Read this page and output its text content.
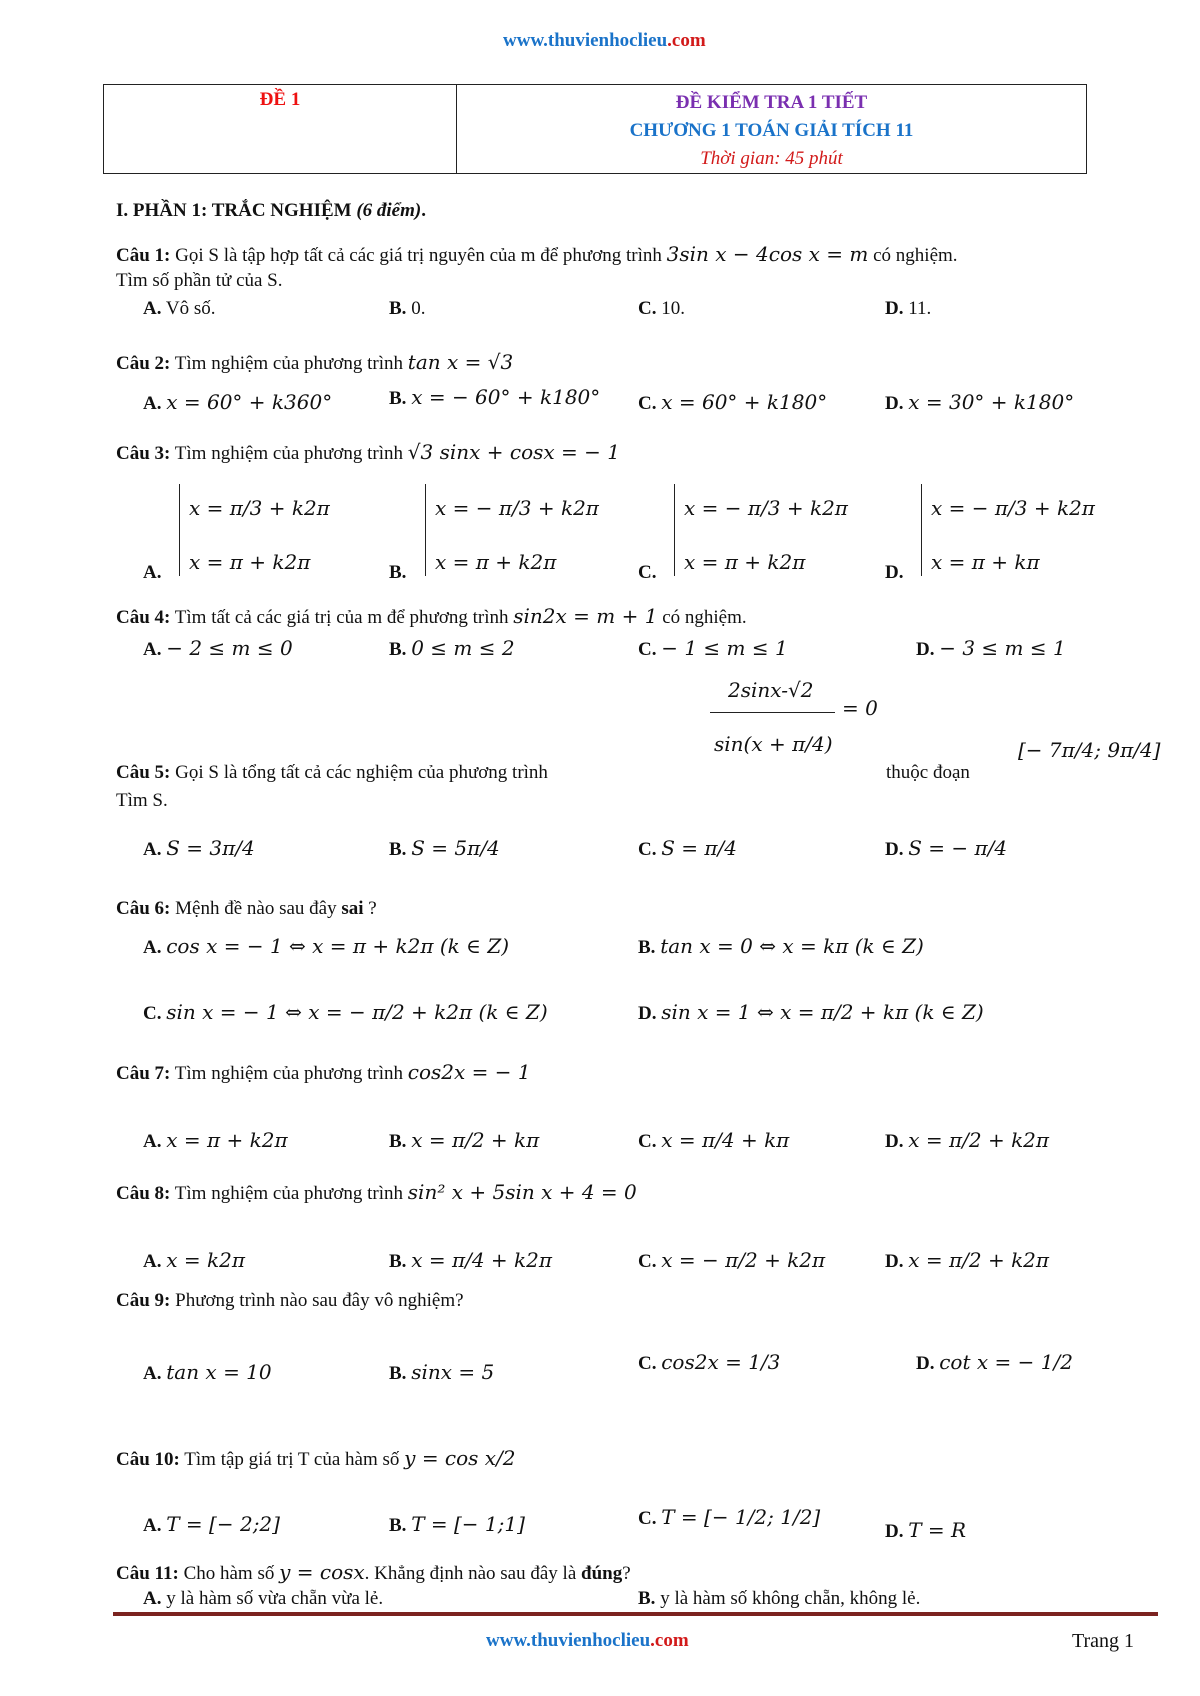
www.thuvienhoclieu.com
ĐỀ 1	ĐỀ KIỂM TRA 1 TIẾT
CHƯƠNG 1 TOÁN GIẢI TÍCH 11
Thời gian: 45 phút
I. PHẦN 1: TRẮC NGHIỆM (6 điểm).
Câu 1: Gọi S là tập hợp tất cả các giá trị nguyên của m để phương trình 3sin x − 4cos x = m có nghiệm.
Tìm số phần tử của S.
A. Vô số.	B. 0.	C. 10.	D. 11.
Câu 2: Tìm nghiệm của phương trình tan x = √3
A. x = 60° + k360°	B. x = − 60° + k180° C. x = 60° + k180°	D. x = 30° + k180°
Câu 3: Tìm nghiệm của phương trình √3 sinx + cosx = − 1
A.
x = π/3 + k2π
x = π + k2π	B.
x = − π/3 + k2π
x = π + k2π	C.
x = − π/3 + k2π
x = π + k2π	D.
x = − π/3 + k2π
x = π + kπ
Câu 4: Tìm tất cả các giá trị của m để phương trình sin2x = m + 1 có nghiệm.
A. − 2 ≤ m ≤ 0	B. 0 ≤ m ≤ 2	C. − 1 ≤ m ≤ 1	D. − 3 ≤ m ≤ 1
2sinx-√2
sin(x + π/4)
= 0
Câu 5: Gọi S là tổng tất cả các nghiệm của phương trình	thuộc đoạn
[− 7π/4; 9π/4]
Tìm S.
A. S = 3π/4	B. S = 5π/4	C. S = π/4	D. S = − π/4
Câu 6: Mệnh đề nào sau đây sai ?
A. cos x = − 1 ⇔ x = π + k2π (k ∈ Z)	B. tan x = 0 ⇔ x = kπ (k ∈ Z)
C. sin x = − 1 ⇔ x = − π/2 + k2π (k ∈ Z)	D. sin x = 1 ⇔ x = π/2 + kπ (k ∈ Z)
Câu 7: Tìm nghiệm của phương trình cos2x = − 1
A. x = π + k2π	B. x = π/2 + kπ	C. x = π/4 + kπ	D. x = π/2 + k2π
Câu 8: Tìm nghiệm của phương trình sin² x + 5sin x + 4 = 0
A. x = k2π	B. x = π/4 + k2π	C. x = − π/2 + k2π	D. x = π/2 + k2π
Câu 9: Phương trình nào sau đây vô nghiệm?
A. tan x = 10	B. sinx = 5	C. cos2x = 1/3	D. cot x = − 1/2
Câu 10: Tìm tập giá trị T của hàm số y = cos x/2
A. T = [− 2;2]	B. T = [− 1;1]	C. T = [− 1/2; 1/2]
D. T = R
Câu 11: Cho hàm số y = cosx. Khẳng định nào sau đây là đúng?
A. y là hàm số vừa chẵn vừa lẻ.	B. y là hàm số không chẵn, không lẻ.
www.thuvienhoclieu.com	Trang 1
